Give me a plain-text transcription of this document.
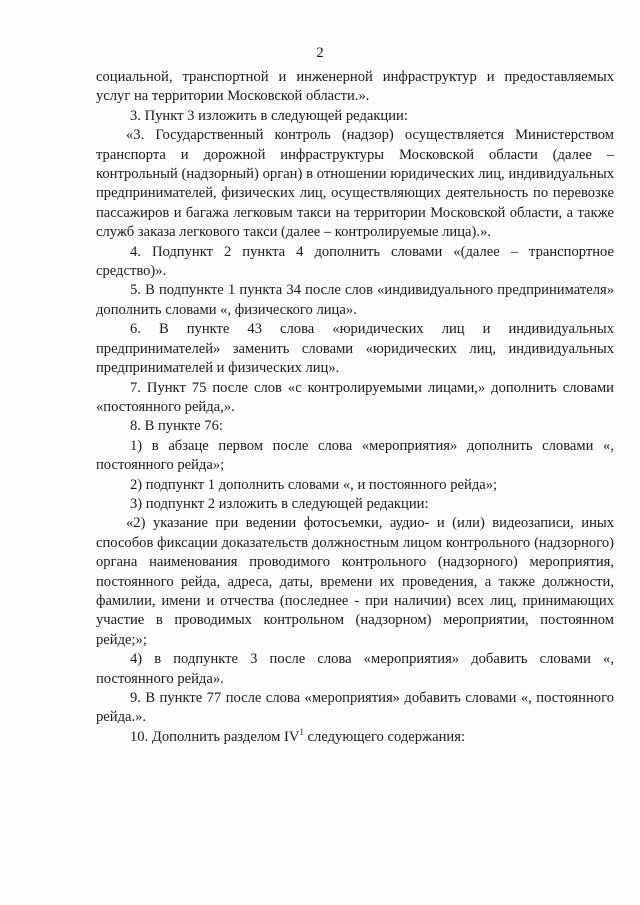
2

социальной, транспортной и инженерной инфраструктур и предоставляемых услуг на территории Московской области.».

3. Пункт 3 изложить в следующей редакции:

«3. Государственный контроль (надзор) осуществляется Министерством транспорта и дорожной инфраструктуры Московской области (далее – контрольный (надзорный) орган) в отношении юридических лиц, индивидуальных предпринимателей, физических лиц, осуществляющих деятельность по перевозке пассажиров и багажа легковым такси на территории Московской области, а также служб заказа легкового такси (далее – контролируемые лица).».

4. Подпункт 2 пункта 4 дополнить словами «(далее – транспортное средство)».

5. В подпункте 1 пункта 34 после слов «индивидуального предпринимателя» дополнить словами «, физического лица».

6. В пункте 43 слова «юридических лиц и индивидуальных предпринимателей» заменить словами «юридических лиц, индивидуальных предпринимателей и физических лиц».

7. Пункт 75 после слов «с контролируемыми лицами,» дополнить словами «постоянного рейда,».

8. В пункте 76:

1) в абзаце первом после слова «мероприятия» дополнить словами «, постоянного рейда»;

2) подпункт 1 дополнить словами «, и постоянного рейда»;

3) подпункт 2 изложить в следующей редакции:

«2) указание при ведении фотосъемки, аудио- и (или) видеозаписи, иных способов фиксации доказательств должностным лицом контрольного (надзорного) органа наименования проводимого контрольного (надзорного) мероприятия, постоянного рейда, адреса, даты, времени их проведения, а также должности, фамилии, имени и отчества (последнее - при наличии) всех лиц, принимающих участие в проводимых контрольном (надзорном) мероприятии, постоянном рейде;»;

4) в подпункте 3 после слова «мероприятия» добавить словами «, постоянного рейда».

9. В пункте 77 после слова «мероприятия» добавить словами «, постоянного рейда.».

10. Дополнить разделом $IV^1$ следующего содержания:
